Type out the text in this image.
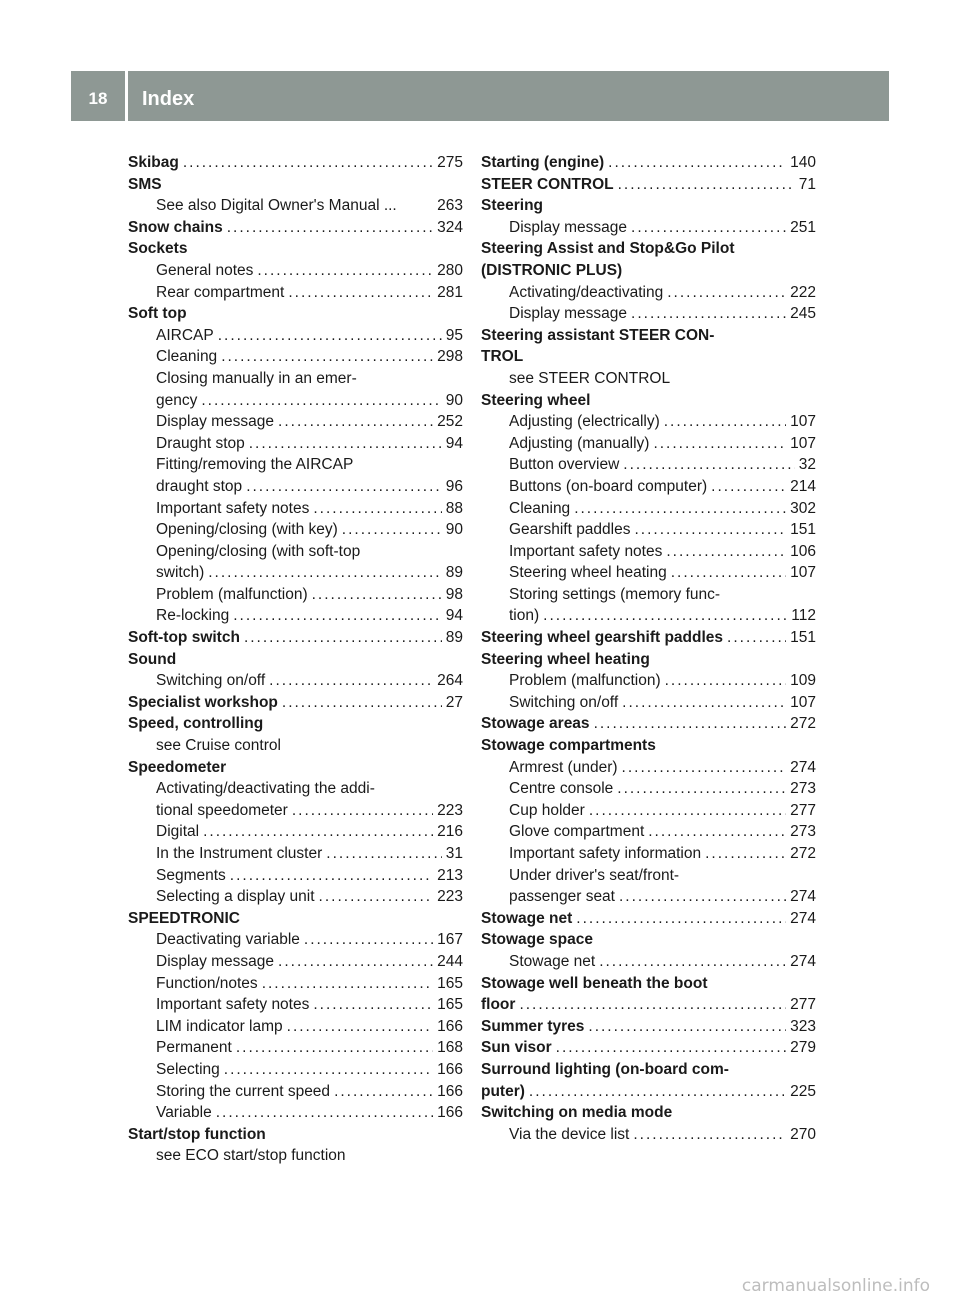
18	Index
Skibag .....	275
SMS
See also Digital Owner's Manual ...	263
Snow chains .....	324
Sockets
General notes .....	280
Rear compartment .....	281
Soft top
AIRCAP .....	95
Cleaning .....	298
Closing manually in an emer-
gency .....	90
Display message .....	252
Draught stop .....	94
Fitting/removing the AIRCAP
draught stop .....	96
Important safety notes .....	88
Opening/closing (with key) .....	90
Opening/closing (with soft-top
switch) .....	89
Problem (malfunction) .....	98
Re-locking .....	94
Soft-top switch .....	89
Sound
Switching on/off .....	264
Specialist workshop .....	27
Speed, controlling
see Cruise control
Speedometer
Activating/deactivating the addi-
tional speedometer .....	223
Digital .....	216
In the Instrument cluster .....	31
Segments .....	213
Selecting a display unit .....	223
SPEEDTRONIC
Deactivating variable .....	167
Display message .....	244
Function/notes .....	165
Important safety notes .....	165
LIM indicator lamp .....	166
Permanent .....	168
Selecting .....	166
Storing the current speed .....	166
Variable .....	166
Start/stop function
see ECO start/stop function
Starting (engine) .....	140
STEER CONTROL .....	71
Steering
Display message .....	251
Steering Assist and Stop&Go Pilot
(DISTRONIC PLUS)
Activating/deactivating .....	222
Display message .....	245
Steering assistant STEER CON-
TROL
see STEER CONTROL
Steering wheel
Adjusting (electrically) .....	107
Adjusting (manually) .....	107
Button overview .....	32
Buttons (on-board computer) .....	214
Cleaning .....	302
Gearshift paddles .....	151
Important safety notes .....	106
Steering wheel heating .....	107
Storing settings (memory func-
tion) .....	112
Steering wheel gearshift paddles .....	151
Steering wheel heating
Problem (malfunction) .....	109
Switching on/off .....	107
Stowage areas .....	272
Stowage compartments
Armrest (under) .....	274
Centre console .....	273
Cup holder .....	277
Glove compartment .....	273
Important safety information .....	272
Under driver's seat/front-
passenger seat .....	274
Stowage net .....	274
Stowage space
Stowage net .....	274
Stowage well beneath the boot
floor .....	277
Summer tyres .....	323
Sun visor .....	279
Surround lighting (on-board com-
puter) .....	225
Switching on media mode
Via the device list .....	270
carmanualsonline.info
